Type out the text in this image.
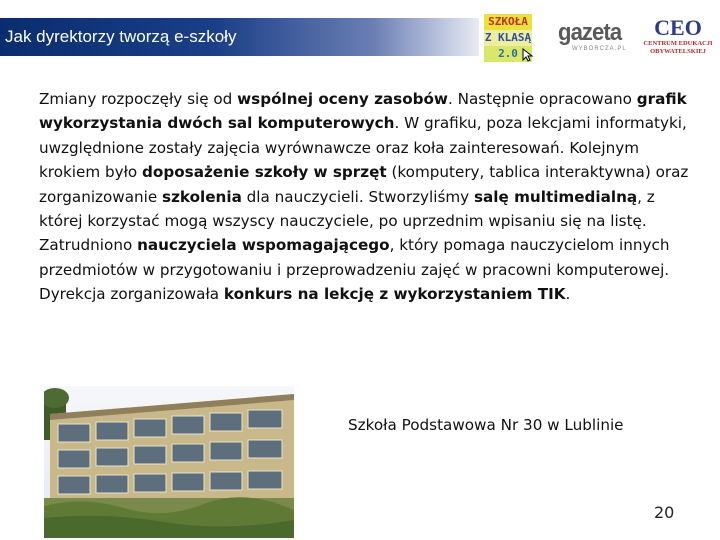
Jak dyrektorzy tworzą e-szkoły
SZKOŁA
Z KLASĄ
2.0
gazeta
WYBORCZA.PL
CEO
CENTRUM EDUKACJI
OBYWATELSKIEJ
Zmiany rozpoczęły się od wspólnej oceny zasobów. Następnie opracowano grafik wykorzystania dwóch sal komputerowych. W grafiku, poza lekcjami informatyki, uwzględnione zostały zajęcia wyrównawcze oraz koła zainteresowań. Kolejnym krokiem było doposażenie szkoły w sprzęt (komputery, tablica interaktywna) oraz zorganizowanie szkolenia dla nauczycieli. Stworzyliśmy salę multimedialną, z której korzystać mogą wszyscy nauczyciele, po uprzednim wpisaniu się na listę. Zatrudniono nauczyciela wspomagającego, który pomaga nauczycielom innych przedmiotów w przygotowaniu i przeprowadzeniu zajęć w pracowni komputerowej. Dyrekcja zorganizowała konkurs na lekcję z wykorzystaniem TIK.
Szkoła Podstawowa Nr 30 w Lublinie
20
